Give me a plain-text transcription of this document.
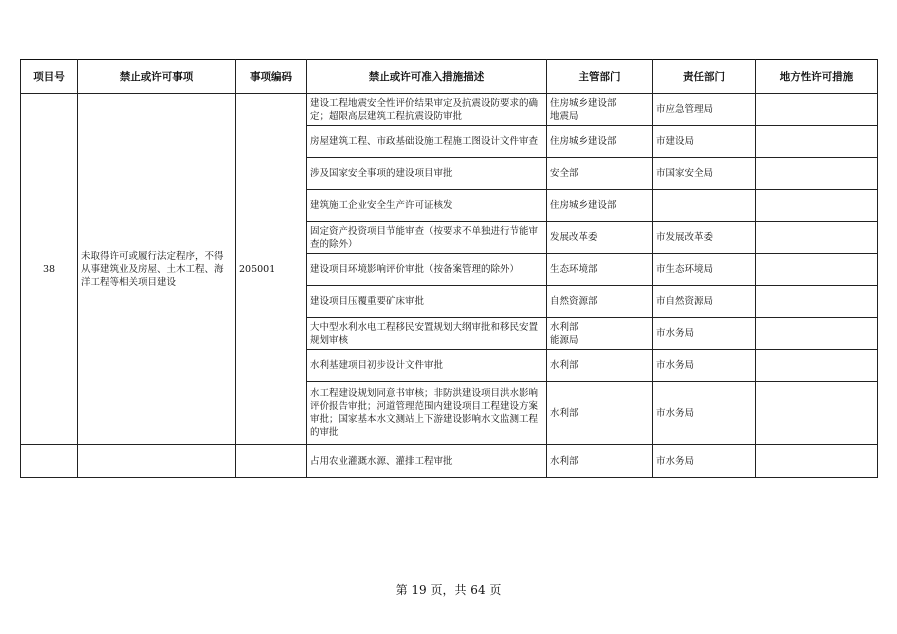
项目号	禁止或许可事项	事项编码	禁止或许可准入措施描述	主管部门	责任部门	地方性许可措施
38	未取得许可或履行法定程序，不得从事建筑业及房屋、土木工程、海洋工程等相关项目建设	205001	建设工程地震安全性评价结果审定及抗震设防要求的确定；超限高层建筑工程抗震设防审批	住房城乡建设部
地震局	市应急管理局	
			房屋建筑工程、市政基础设施工程施工图设计文件审查	住房城乡建设部	市建设局	
			涉及国家安全事项的建设项目审批	安全部	市国家安全局	
			建筑施工企业安全生产许可证核发	住房城乡建设部		
			固定资产投资项目节能审查（按要求不单独进行节能审查的除外）	发展改革委	市发展改革委	
			建设项目环境影响评价审批（按备案管理的除外）	生态环境部	市生态环境局	
			建设项目压覆重要矿床审批	自然资源部	市自然资源局	
			大中型水利水电工程移民安置规划大纲审批和移民安置规划审核	水利部
能源局	市水务局	
			水利基建项目初步设计文件审批	水利部	市水务局	
			水工程建设规划同意书审核；非防洪建设项目洪水影响评价报告审批；河道管理范围内建设项目工程建设方案审批；国家基本水文测站上下游建设影响水文监测工程的审批	水利部	市水务局	
			占用农业灌溉水源、灌排工程审批	水利部	市水务局	
第 19 页，共 64 页
